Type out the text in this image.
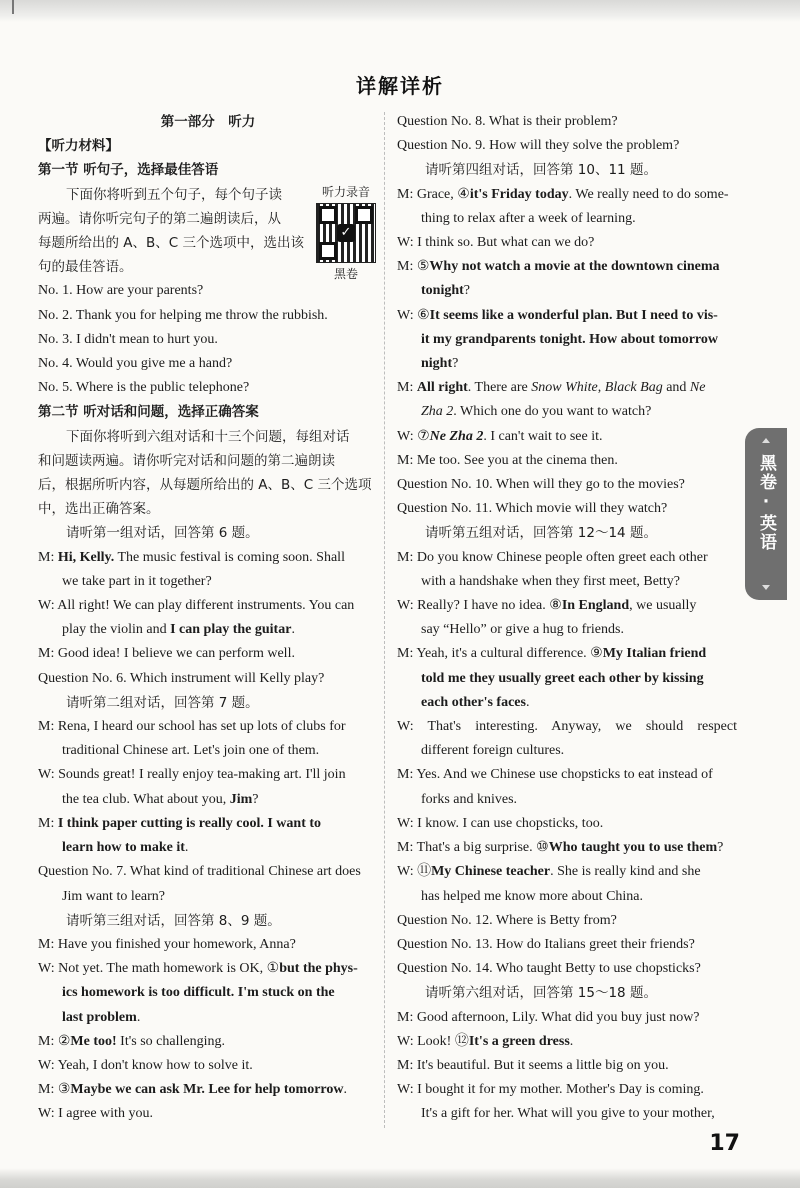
详解详析
第一部分　听力
【听力材料】
第一节 听句子，选择最佳答语
下面你将听到五个句子，每个句子读
两遍。请你听完句子的第二遍朗读后，从
每题所给出的 A、B、C 三个选项中，选出该
句的最佳答语。
听力录音
✓
黑卷
No. 1. How are your parents?
No. 2. Thank you for helping me throw the rubbish.
No. 3. I didn't mean to hurt you.
No. 4. Would you give me a hand?
No. 5. Where is the public telephone?
第二节 听对话和问题，选择正确答案
下面你将听到六组对话和十三个问题，每组对话
和问题读两遍。请你听完对话和问题的第二遍朗读
后，根据所听内容，从每题所给出的 A、B、C 三个选项
中，选出正确答案。
请听第一组对话，回答第 6 题。
M: Hi, Kelly. The music festival is coming soon. Shall
we take part in it together?
W: All right! We can play different instruments. You can
play the violin and I can play the guitar.
M: Good idea! I believe we can perform well.
Question No. 6. Which instrument will Kelly play?
请听第二组对话，回答第 7 题。
M: Rena, I heard our school has set up lots of clubs for
traditional Chinese art. Let's join one of them.
W: Sounds great! I really enjoy tea-making art. I'll join
the tea club. What about you, Jim?
M: I think paper cutting is really cool. I want to
learn how to make it.
Question No. 7. What kind of traditional Chinese art does
Jim want to learn?
请听第三组对话，回答第 8、9 题。
M: Have you finished your homework, Anna?
W: Not yet. The math homework is OK, ①but the phys-
ics homework is too difficult. I'm stuck on the
last problem.
M: ②Me too! It's so challenging.
W: Yeah, I don't know how to solve it.
M: ③Maybe we can ask Mr. Lee for help tomorrow.
W: I agree with you.
Question No. 8. What is their problem?
Question No. 9. How will they solve the problem?
请听第四组对话，回答第 10、11 题。
M: Grace, ④it's Friday today. We really need to do some-
thing to relax after a week of learning.
W: I think so. But what can we do?
M: ⑤Why not watch a movie at the downtown cinema
tonight?
W: ⑥It seems like a wonderful plan. But I need to vis-
it my grandparents tonight. How about tomorrow
night?
M: All right. There are Snow White, Black Bag and Ne
Zha 2. Which one do you want to watch?
W: ⑦Ne Zha 2. I can't wait to see it.
M: Me too. See you at the cinema then.
Question No. 10. When will they go to the movies?
Question No. 11. Which movie will they watch?
请听第五组对话，回答第 12～14 题。
M: Do you know Chinese people often greet each other
with a handshake when they first meet, Betty?
W: Really? I have no idea. ⑧In England, we usually
say “Hello” or give a hug to friends.
M: Yeah, it's a cultural difference. ⑨My Italian friend
told me they usually greet each other by kissing
each other's faces.
W: That's interesting. Anyway, we should respect
different foreign cultures.
M: Yes. And we Chinese use chopsticks to eat instead of
forks and knives.
W: I know. I can use chopsticks, too.
M: That's a big surprise. ⑩Who taught you to use them?
W: ⑪My Chinese teacher. She is really kind and she
has helped me know more about China.
Question No. 12. Where is Betty from?
Question No. 13. How do Italians greet their friends?
Question No. 14. Who taught Betty to use chopsticks?
请听第六组对话，回答第 15～18 题。
M: Good afternoon, Lily. What did you buy just now?
W: Look! ⑫It's a green dress.
M: It's beautiful. But it seems a little big on you.
W: I bought it for my mother. Mother's Day is coming.
It's a gift for her. What will you give to your mother,
黑卷·英语
17
